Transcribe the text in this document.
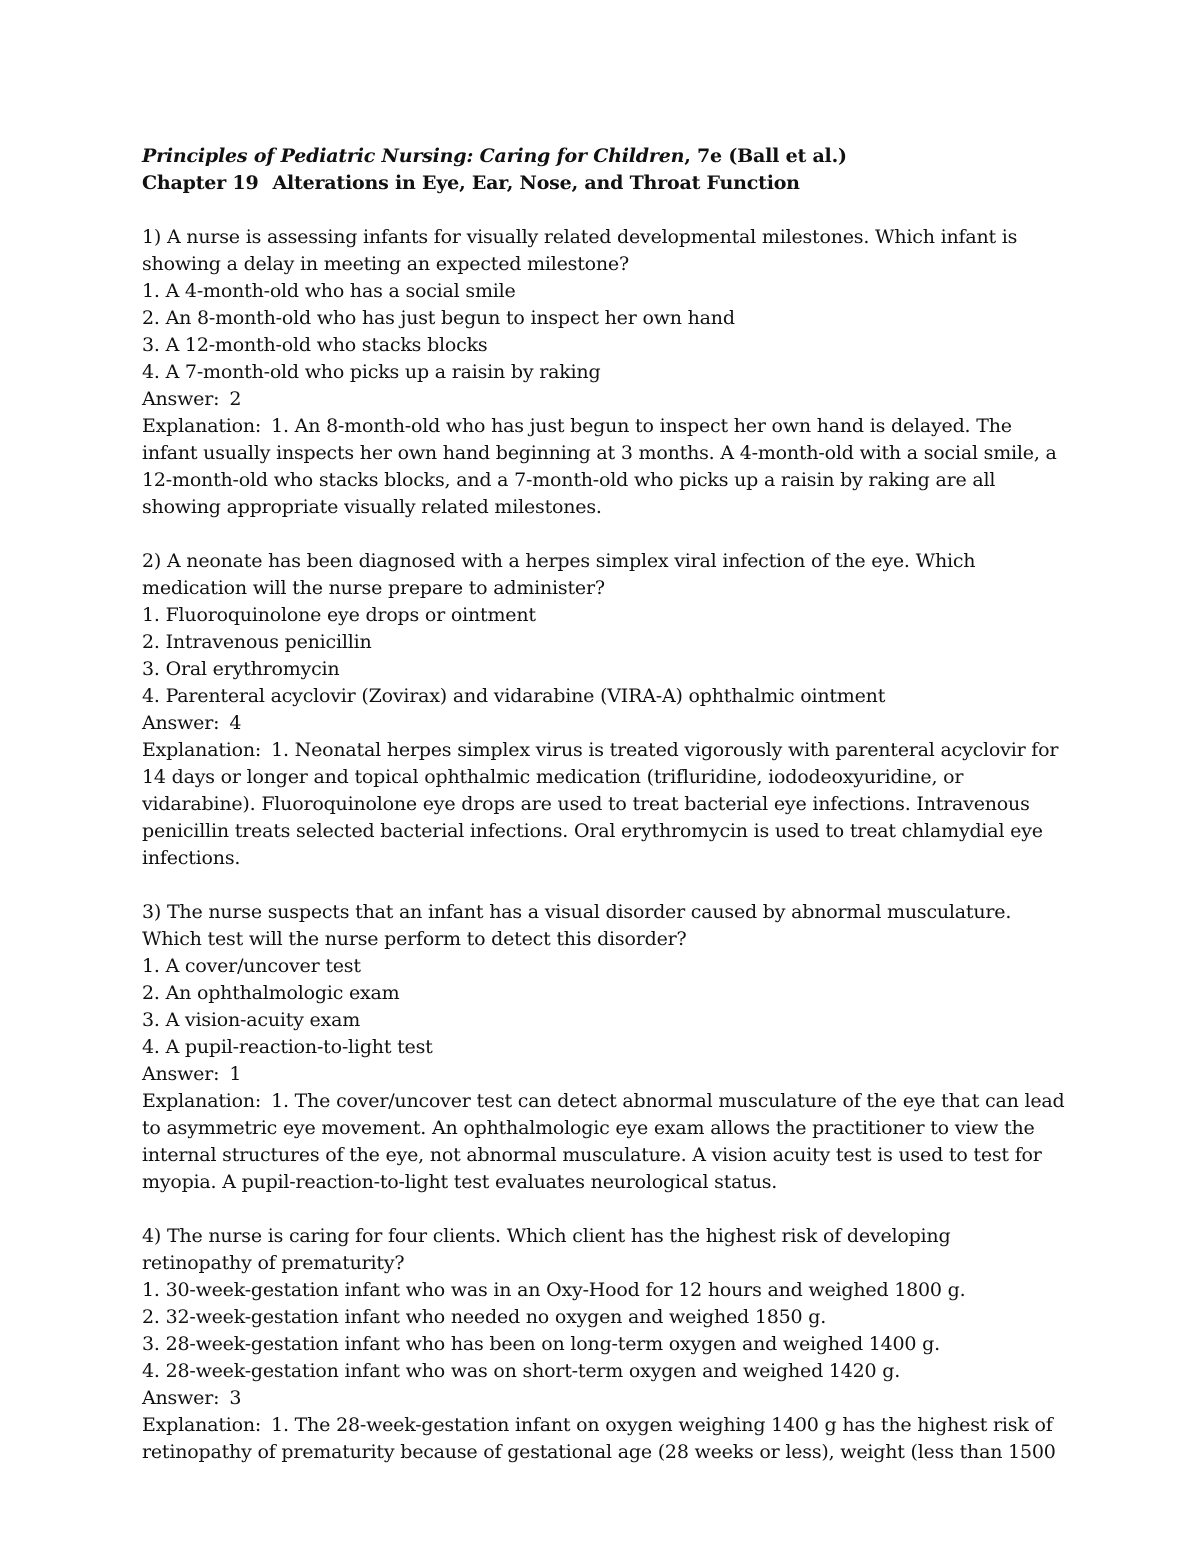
Principles of Pediatric Nursing: Caring for Children, 7e (Ball et al.)
Chapter 19 Alterations in Eye, Ear, Nose, and Throat Function
1) A nurse is assessing infants for visually related developmental milestones. Which infant is
showing a delay in meeting an expected milestone?
1. A 4-month-old who has a social smile
2. An 8-month-old who has just begun to inspect her own hand
3. A 12-month-old who stacks blocks
4. A 7-month-old who picks up a raisin by raking
Answer: 2
Explanation: 1. An 8-month-old who has just begun to inspect her own hand is delayed. The
infant usually inspects her own hand beginning at 3 months. A 4-month-old with a social smile, a
12-month-old who stacks blocks, and a 7-month-old who picks up a raisin by raking are all
showing appropriate visually related milestones.
2) A neonate has been diagnosed with a herpes simplex viral infection of the eye. Which
medication will the nurse prepare to administer?
1. Fluoroquinolone eye drops or ointment
2. Intravenous penicillin
3. Oral erythromycin
4. Parenteral acyclovir (Zovirax) and vidarabine (VIRA-A) ophthalmic ointment
Answer: 4
Explanation: 1. Neonatal herpes simplex virus is treated vigorously with parenteral acyclovir for
14 days or longer and topical ophthalmic medication (trifluridine, iododeoxyuridine, or
vidarabine). Fluoroquinolone eye drops are used to treat bacterial eye infections. Intravenous
penicillin treats selected bacterial infections. Oral erythromycin is used to treat chlamydial eye
infections.
3) The nurse suspects that an infant has a visual disorder caused by abnormal musculature.
Which test will the nurse perform to detect this disorder?
1. A cover/uncover test
2. An ophthalmologic exam
3. A vision-acuity exam
4. A pupil-reaction-to-light test
Answer: 1
Explanation: 1. The cover/uncover test can detect abnormal musculature of the eye that can lead
to asymmetric eye movement. An ophthalmologic eye exam allows the practitioner to view the
internal structures of the eye, not abnormal musculature. A vision acuity test is used to test for
myopia. A pupil-reaction-to-light test evaluates neurological status.
4) The nurse is caring for four clients. Which client has the highest risk of developing
retinopathy of prematurity?
1. 30-week-gestation infant who was in an Oxy-Hood for 12 hours and weighed 1800 g.
2. 32-week-gestation infant who needed no oxygen and weighed 1850 g.
3. 28-week-gestation infant who has been on long-term oxygen and weighed 1400 g.
4. 28-week-gestation infant who was on short-term oxygen and weighed 1420 g.
Answer: 3
Explanation: 1. The 28-week-gestation infant on oxygen weighing 1400 g has the highest risk of
retinopathy of prematurity because of gestational age (28 weeks or less), weight (less than 1500
